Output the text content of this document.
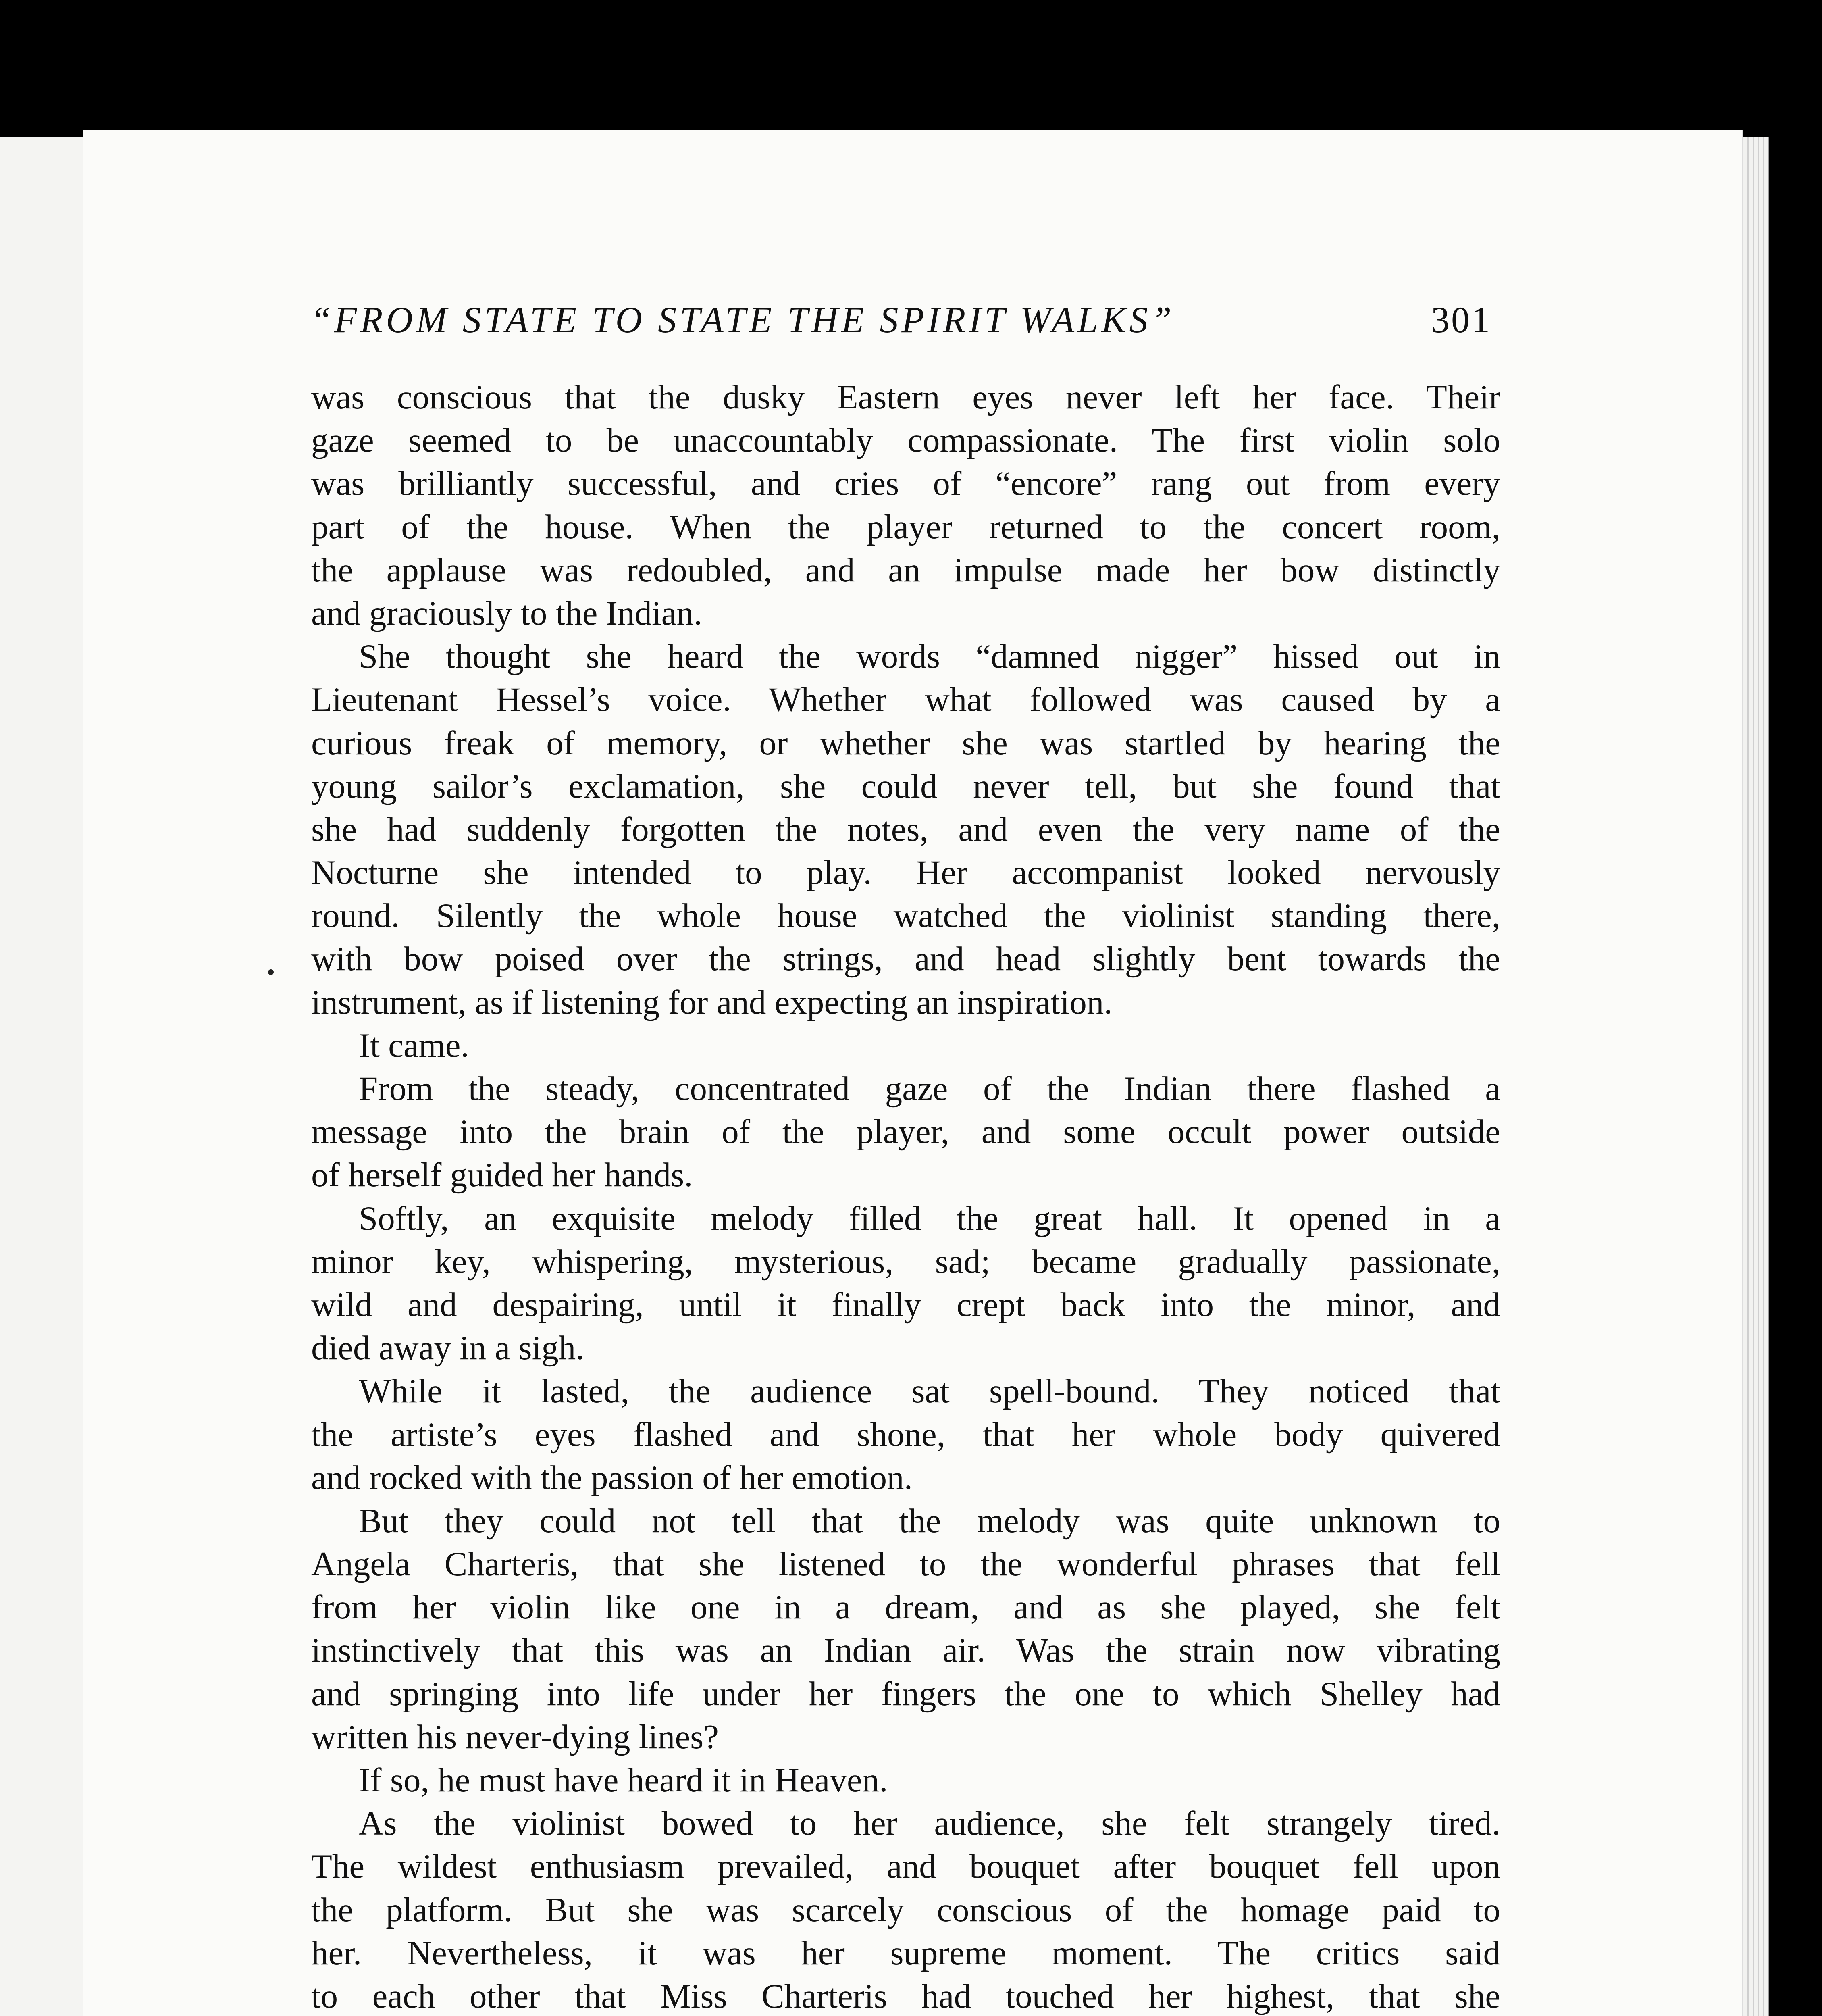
“FROM STATE TO STATE THE SPIRIT WALKS”	301
was conscious that the dusky Eastern eyes never left her face. Their
gaze seemed to be unaccountably compassionate. The first violin solo
was brilliantly successful, and cries of “encore” rang out from every
part of the house. When the player returned to the concert room,
the applause was redoubled, and an impulse made her bow distinctly
and graciously to the Indian.
She thought she heard the words “damned nigger” hissed out in
Lieutenant Hessel’s voice. Whether what followed was caused by a
curious freak of memory, or whether she was startled by hearing the
young sailor’s exclamation, she could never tell, but she found that
she had suddenly forgotten the notes, and even the very name of the
Nocturne she intended to play. Her accompanist looked nervously
round. Silently the whole house watched the violinist standing there,
with bow poised over the strings, and head slightly bent towards the
instrument, as if listening for and expecting an inspiration.
It came.
From the steady, concentrated gaze of the Indian there flashed a
message into the brain of the player, and some occult power outside
of herself guided her hands.
Softly, an exquisite melody filled the great hall. It opened in a
minor key, whispering, mysterious, sad; became gradually passionate,
wild and despairing, until it finally crept back into the minor, and
died away in a sigh.
While it lasted, the audience sat spell-bound. They noticed that
the artiste’s eyes flashed and shone, that her whole body quivered
and rocked with the passion of her emotion.
But they could not tell that the melody was quite unknown to
Angela Charteris, that she listened to the wonderful phrases that fell
from her violin like one in a dream, and as she played, she felt
instinctively that this was an Indian air. Was the strain now vibrating
and springing into life under her fingers the one to which Shelley had
written his never-dying lines?
If so, he must have heard it in Heaven.
As the violinist bowed to her audience, she felt strangely tired.
The wildest enthusiasm prevailed, and bouquet after bouquet fell upon
the platform. But she was scarcely conscious of the homage paid to
her. Nevertheless, it was her supreme moment. The critics said
to each other that Miss Charteris had touched her highest, that she
